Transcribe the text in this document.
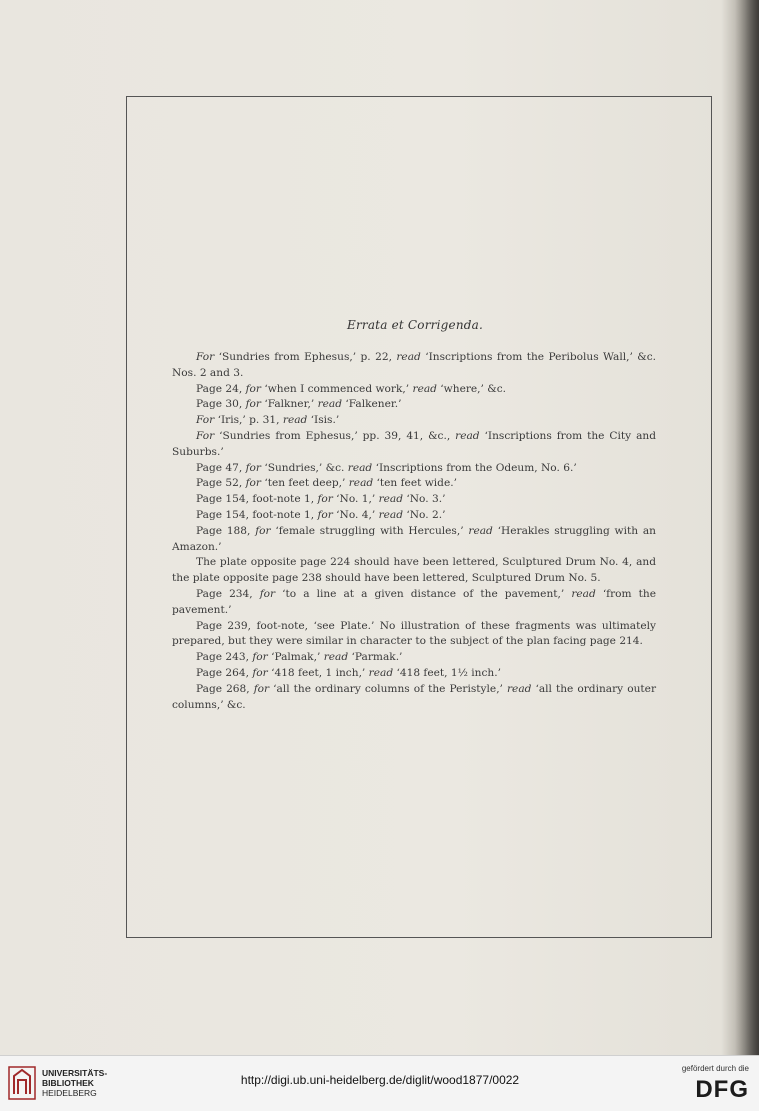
Errata et Corrigenda.

For ‘Sundries from Ephesus,’ p. 22, read ‘Inscriptions from the Peribolus Wall,’ &c. Nos. 2 and 3.

Page 24, for ‘when I commenced work,’ read ‘where,’ &c.

Page 30, for ‘Falkner,’ read ‘Falkener.’

For ‘Iris,’ p. 31, read ‘Isis.’

For ‘Sundries from Ephesus,’ pp. 39, 41, &c., read ‘Inscriptions from the City and Suburbs.’

Page 47, for ‘Sundries,’ &c. read ‘Inscriptions from the Odeum, No. 6.’

Page 52, for ‘ten feet deep,’ read ‘ten feet wide.’

Page 154, foot-note 1, for ‘No. 1,’ read ‘No. 3.’

Page 154, foot-note 1, for ‘No. 4,’ read ‘No. 2.’

Page 188, for ‘female struggling with Hercules,’ read ‘Herakles struggling with an Amazon.’

The plate opposite page 224 should have been lettered, Sculptured Drum No. 4, and the plate opposite page 238 should have been lettered, Sculptured Drum No. 5.

Page 234, for ‘to a line at a given distance of the pavement,’ read ‘from the pavement.’

Page 239, foot-note, ‘see Plate.’ No illustration of these fragments was ultimately prepared, but they were similar in character to the subject of the plan facing page 214.

Page 243, for ‘Palmak,’ read ‘Parmak.’

Page 264, for ‘418 feet, 1 inch,’ read ‘418 feet, 1½ inch.’

Page 268, for ‘all the ordinary columns of the Peristyle,’ read ‘all the ordinary outer columns,’ &c.

UNIVERSITÄTS-
BIBLIOTHEK
HEIDELBERG
http://digi.ub.uni-heidelberg.de/diglit/wood1877/0022
gefördert durch die
DFG
